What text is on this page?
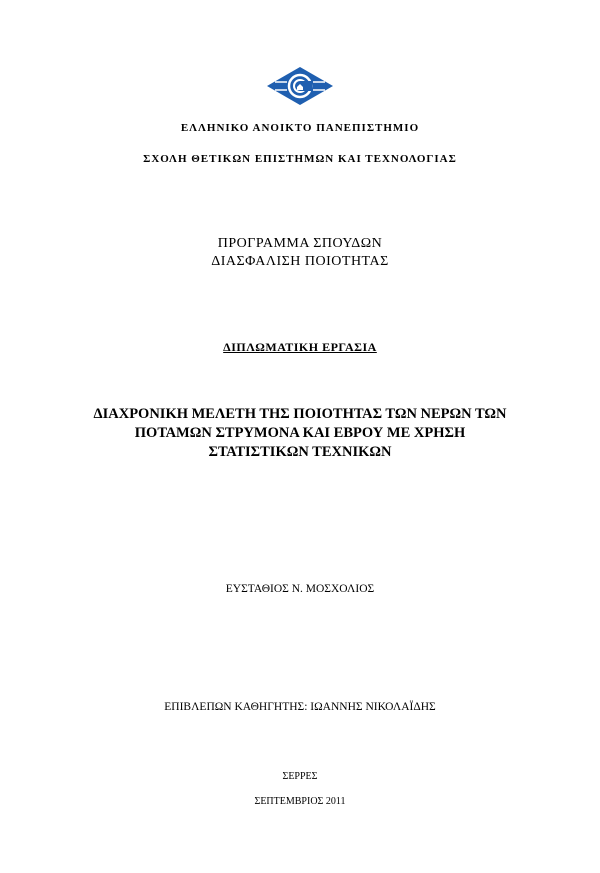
ΕΛΛΗΝΙΚΟ ΑΝΟΙΚΤΟ ΠΑΝΕΠΙΣΤΗΜΙΟ
ΣΧΟΛΗ ΘΕΤΙΚΩΝ ΕΠΙΣΤΗΜΩΝ ΚΑΙ ΤΕΧΝΟΛΟΓΙΑΣ
ΠΡΟΓΡΑΜΜΑ ΣΠΟΥΔΩΝ
ΔΙΑΣΦΑΛΙΣΗ ΠΟΙΟΤΗΤΑΣ
ΔΙΠΛΩΜΑΤΙΚΗ ΕΡΓΑΣΙΑ
ΔΙΑΧΡΟΝΙΚΗ ΜΕΛΕΤΗ ΤΗΣ ΠΟΙΟΤΗΤΑΣ ΤΩΝ ΝΕΡΩΝ ΤΩΝ
ΠΟΤΑΜΩΝ ΣΤΡΥΜΟΝΑ ΚΑΙ ΕΒΡΟΥ ΜΕ ΧΡΗΣΗ
ΣΤΑΤΙΣΤΙΚΩΝ ΤΕΧΝΙΚΩΝ
ΕΥΣΤΑΘΙΟΣ Ν. ΜΟΣΧΟΛΙΟΣ
ΕΠΙΒΛΕΠΩΝ ΚΑΘΗΓΗΤΗΣ: ΙΩΑΝΝΗΣ ΝΙΚΟΛΑΪΔΗΣ
ΣΕΡΡΕΣ
ΣΕΠΤΕΜΒΡΙΟΣ 2011
